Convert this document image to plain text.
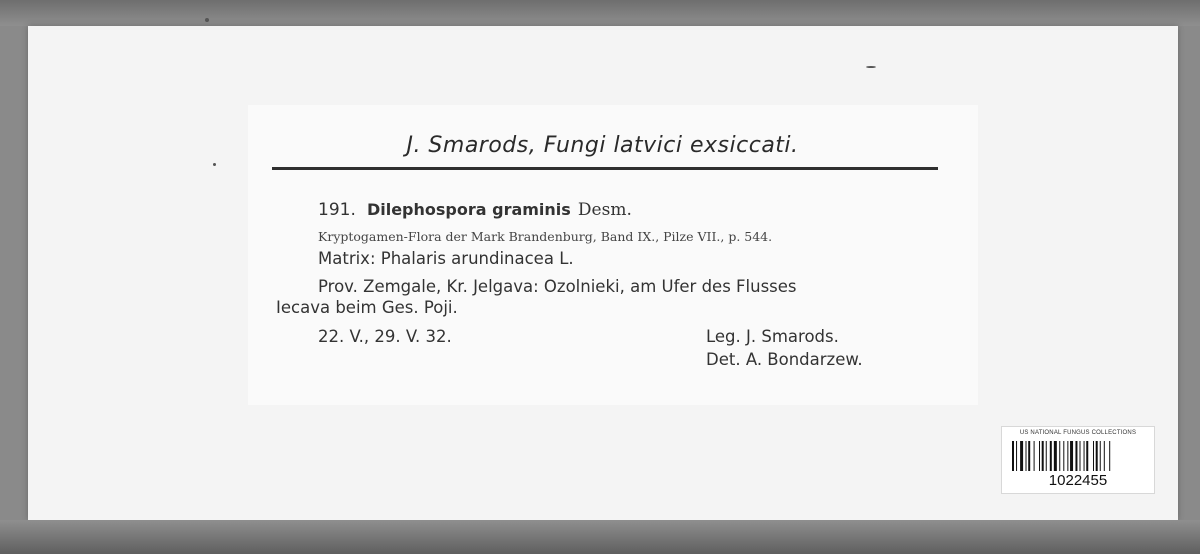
J. Smarods, Fungi latvici exsiccati.
191. Dilephospora graminis Desm.
Kryptogamen-Flora der Mark Brandenburg, Band IX., Pilze VII., p. 544.
Matrix: Phalaris arundinacea L.
Prov. Zemgale, Kr. Jelgava: Ozolnieki, am Ufer des Flusses
Iecava beim Ges. Poji.
22. V., 29. V. 32.	Leg. J. Smarods.
Det. A. Bondarzew.
US NATIONAL FUNGUS COLLECTIONS
1022455
